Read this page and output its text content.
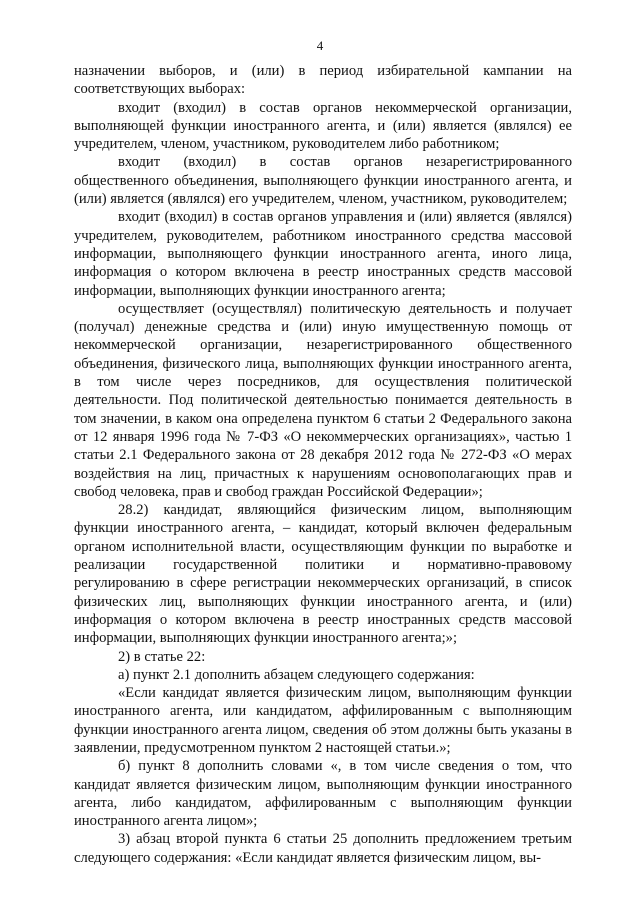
4

назначении выборов, и (или) в период избирательной кампании на соответствующих выборах:

входит (входил) в состав органов некоммерческой организации, выполняющей функции иностранного агента, и (или) является (являлся) ее учредителем, членом, участником, руководителем либо работником;

входит (входил) в состав органов незарегистрированного общественного объединения, выполняющего функции иностранного агента, и (или) является (являлся) его учредителем, членом, участником, руководителем;

входит (входил) в состав органов управления и (или) является (являлся) учредителем, руководителем, работником иностранного средства массовой информации, выполняющего функции иностранного агента, иного лица, информация о котором включена в реестр иностранных средств массовой информации, выполняющих функции иностранного агента;

осуществляет (осуществлял) политическую деятельность и получает (получал) денежные средства и (или) иную имущественную помощь от некоммерческой организации, незарегистрированного общественного объединения, физического лица, выполняющих функции иностранного агента, в том числе через посредников, для осуществления политической деятельности. Под политической деятельностью понимается деятельность в том значении, в каком она определена пунктом 6 статьи 2 Федерального закона от 12 января 1996 года № 7-ФЗ «О некоммерческих организациях», частью 1 статьи 2.1 Федерального закона от 28 декабря 2012 года № 272-ФЗ «О мерах воздействия на лиц, причастных к нарушениям основополагающих прав и свобод человека, прав и свобод граждан Российской Федерации»;

28.2) кандидат, являющийся физическим лицом, выполняющим функции иностранного агента, – кандидат, который включен федеральным органом исполнительной власти, осуществляющим функции по выработке и реализации государственной политики и нормативно-правовому регулированию в сфере регистрации некоммерческих организаций, в список физических лиц, выполняющих функции иностранного агента, и (или) информация о котором включена в реестр иностранных средств массовой информации, выполняющих функции иностранного агента;»;

2) в статье 22:

а) пункт 2.1 дополнить абзацем следующего содержания:

«Если кандидат является физическим лицом, выполняющим функции иностранного агента, или кандидатом, аффилированным с выполняющим функции иностранного агента лицом, сведения об этом должны быть указаны в заявлении, предусмотренном пунктом 2 настоящей статьи.»;

б) пункт 8 дополнить словами «, в том числе сведения о том, что кандидат является физическим лицом, выполняющим функции иностранного агента, либо кандидатом, аффилированным с выполняющим функции иностранного агента лицом»;

3) абзац второй пункта 6 статьи 25 дополнить предложением третьим следующего содержания: «Если кандидат является физическим лицом, вы-
